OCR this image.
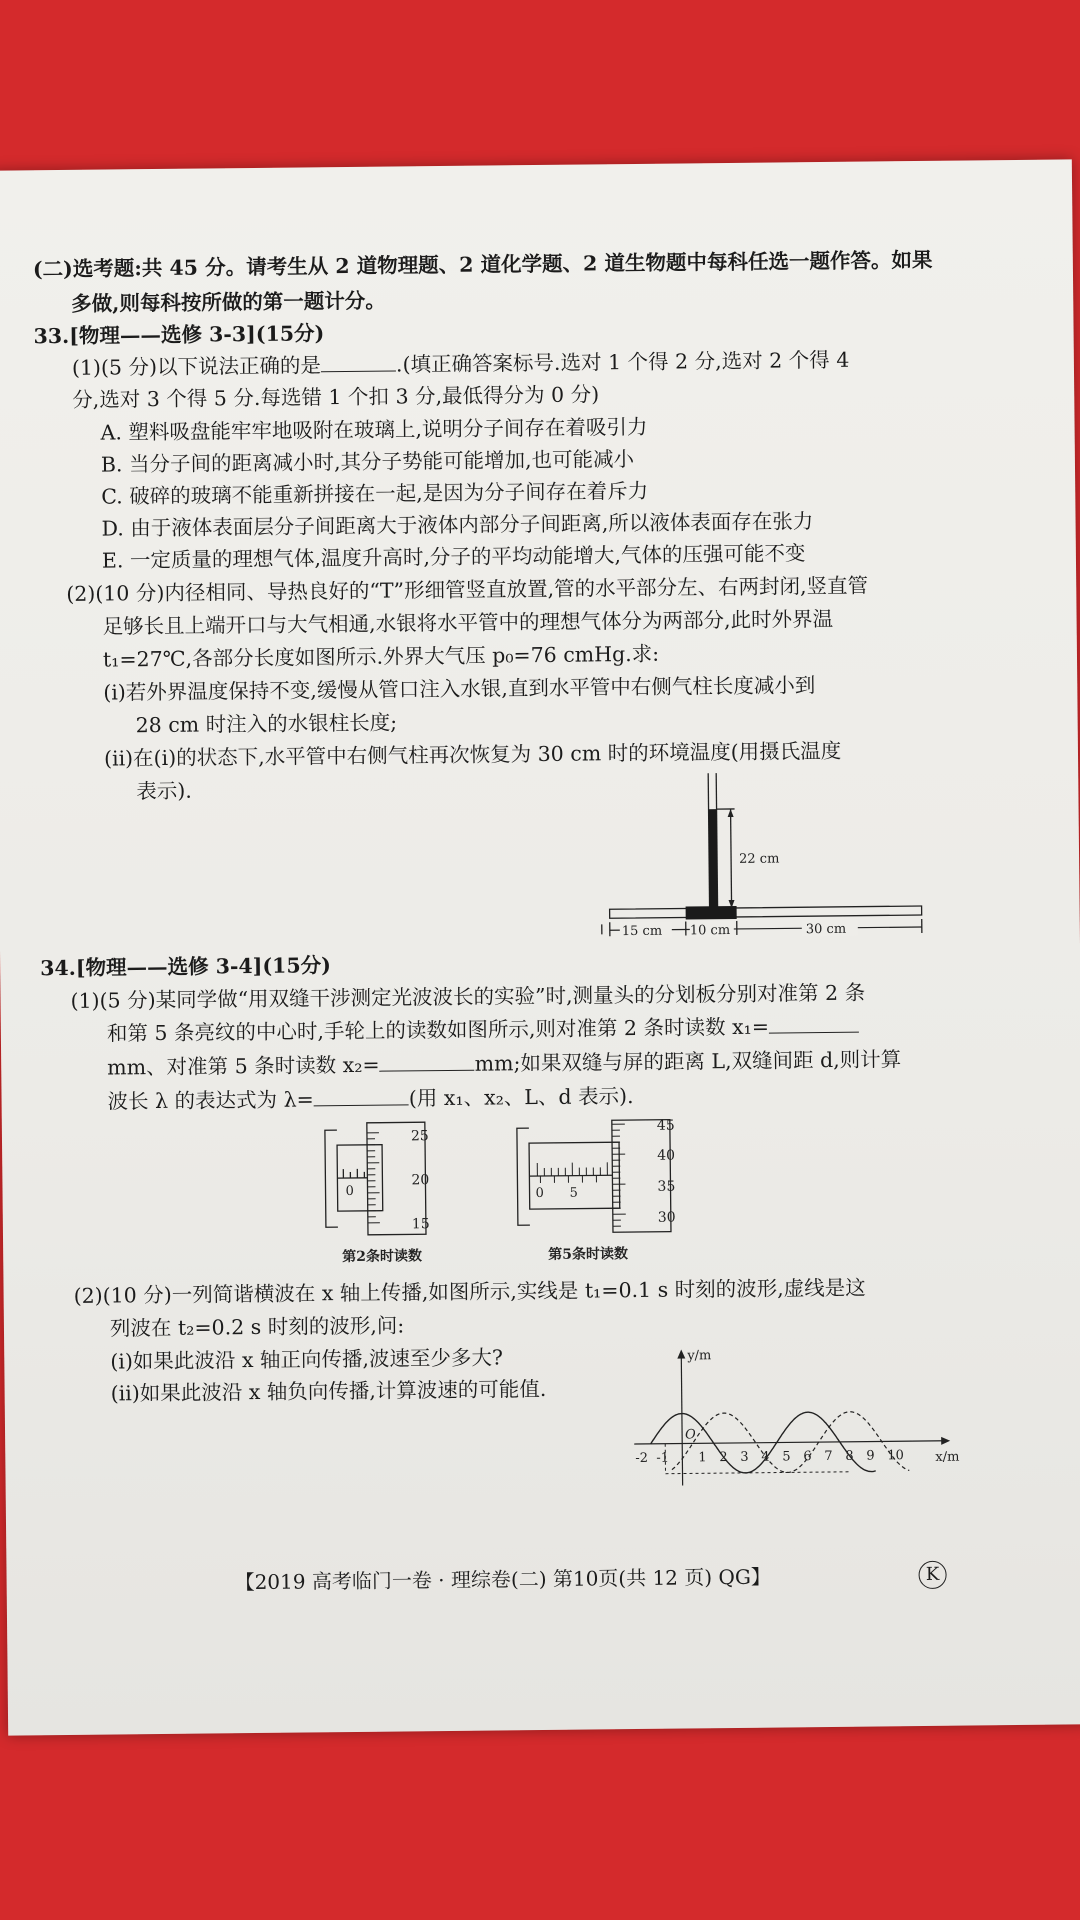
(二)选考题:共 45 分。请考生从 2 道物理题、2 道化学题、2 道生物题中每科任选一题作答。如果
多做,则每科按所做的第一题计分。
33.[物理——选修 3-3](15分)
(1)(5 分)以下说法正确的是	.(填正确答案标号.选对 1 个得 2 分,选对 2 个得 4
分,选对 3 个得 5 分.每选错 1 个扣 3 分,最低得分为 0 分)
A. 塑料吸盘能牢牢地吸附在玻璃上,说明分子间存在着吸引力
B. 当分子间的距离减小时,其分子势能可能增加,也可能减小
C. 破碎的玻璃不能重新拼接在一起,是因为分子间存在着斥力
D. 由于液体表面层分子间距离大于液体内部分子间距离,所以液体表面存在张力
E. 一定质量的理想气体,温度升高时,分子的平均动能增大,气体的压强可能不变
(2)(10 分)内径相同、导热良好的“T”形细管竖直放置,管的水平部分左、右两封闭,竖直管
足够长且上端开口与大气相通,水银将水平管中的理想气体分为两部分,此时外界温
t₁=27℃,各部分长度如图所示.外界大气压 p₀=76 cmHg.求:
(ⅰ)若外界温度保持不变,缓慢从管口注入水银,直到水平管中右侧气柱长度减小到
28 cm 时注入的水银柱长度;
(ⅱ)在(ⅰ)的状态下,水平管中右侧气柱再次恢复为 30 cm 时的环境温度(用摄氏温度
表示).
22 cm
15 cm 10 cm	30 cm
34.[物理——选修 3-4](15分)
(1)(5 分)某同学做“用双缝干涉测定光波波长的实验”时,测量头的分划板分别对准第 2 条
和第 5 条亮纹的中心时,手轮上的读数如图所示,则对准第 2 条时读数 x₁=
mm、对准第 5 条时读数 x₂=	mm;如果双缝与屏的距离 L,双缝间距 d,则计算
波长 λ 的表达式为 λ=	(用 x₁、x₂、L、d 表示).
25
20
15
0
第2条时读数
45
40
35
30
0 5
第5条时读数
(2)(10 分)一列简谐横波在 x 轴上传播,如图所示,实线是 t₁=0.1 s 时刻的波形,虚线是这
列波在 t₂=0.2 s 时刻的波形,问:
(ⅰ)如果此波沿 x 轴正向传播,波速至少多大?
(ⅱ)如果此波沿 x 轴负向传播,计算波速的可能值.
y/m
x/m
O
-2 -1 1 2 3 4 5 6 7 8 9 10
【2019 高考临门一卷 · 理综卷(二) 第10页(共 12 页) QG】	K
